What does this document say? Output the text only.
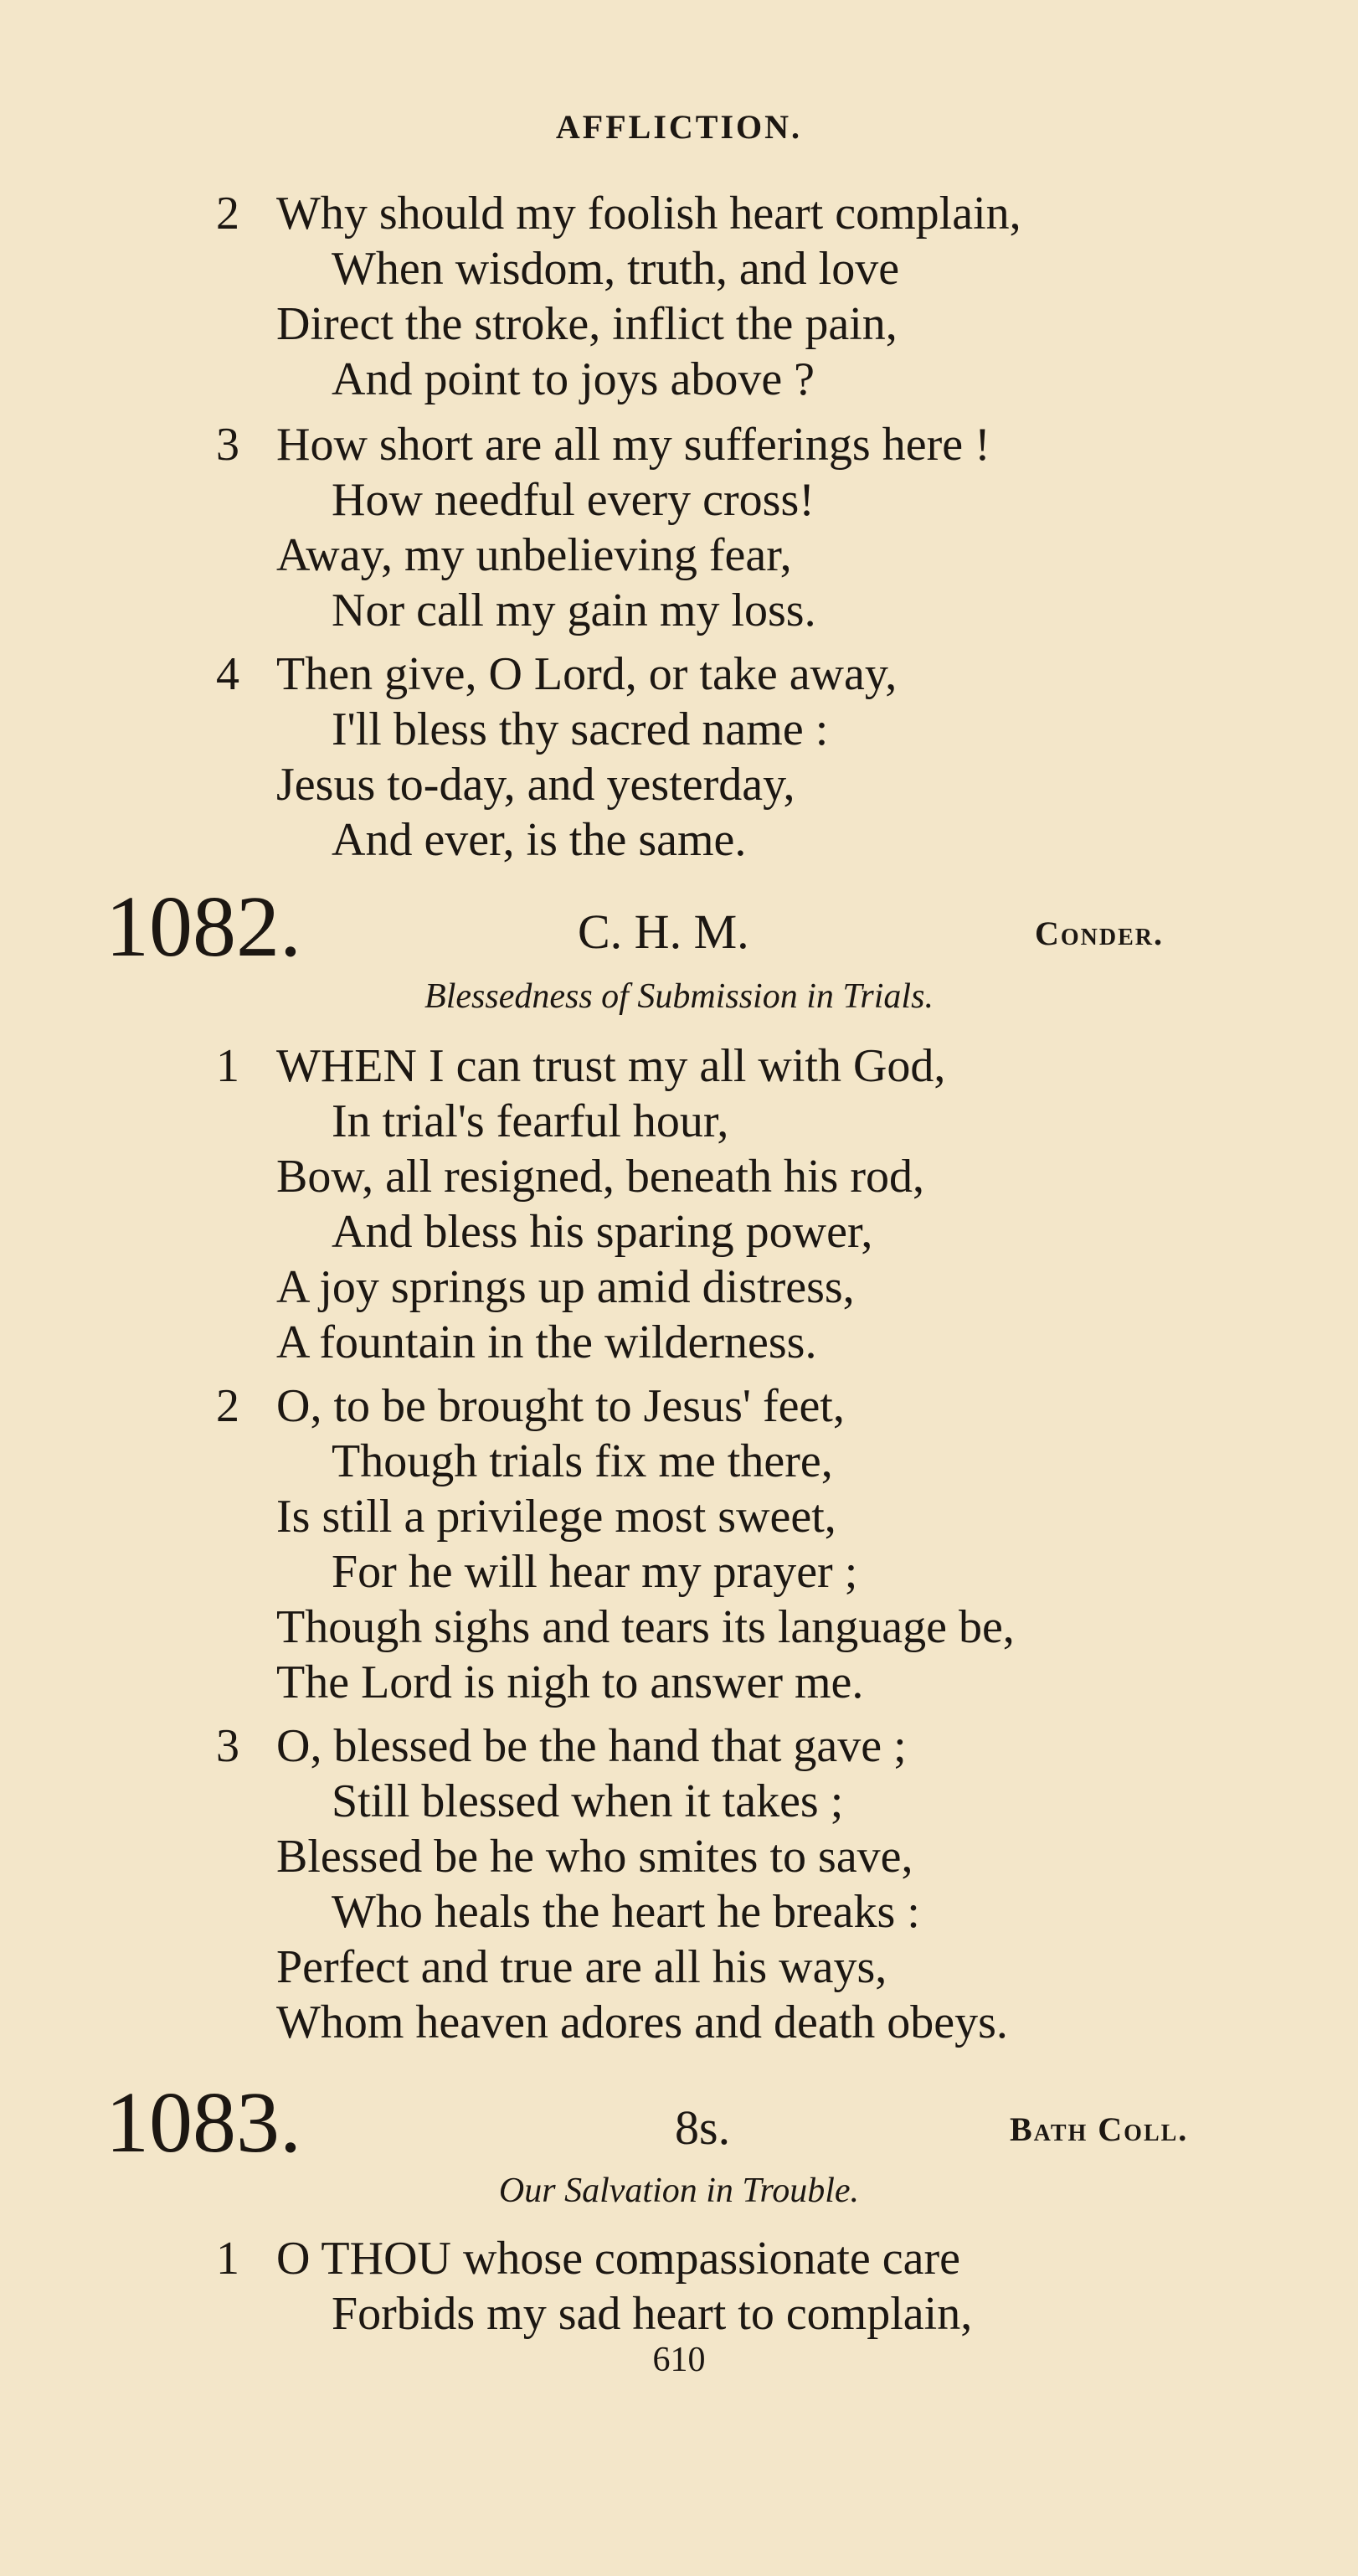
AFFLICTION.
2 Why should my foolish heart complain,
When wisdom, truth, and love
Direct the stroke, inflict the pain,
And point to joys above ?
3 How short are all my sufferings here !
How needful every cross!
Away, my unbelieving fear,
Nor call my gain my loss.
4 Then give, O Lord, or take away,
I'll bless thy sacred name :
Jesus to-day, and yesterday,
And ever, is the same.
1082.	C. H. M.	Conder.
Blessedness of Submission in Trials.
1 WHEN I can trust my all with God,
In trial's fearful hour,
Bow, all resigned, beneath his rod,
And bless his sparing power,
A joy springs up amid distress,
A fountain in the wilderness.
2 O, to be brought to Jesus' feet,
Though trials fix me there,
Is still a privilege most sweet,
For he will hear my prayer ;
Though sighs and tears its language be,
The Lord is nigh to answer me.
3 O, blessed be the hand that gave ;
Still blessed when it takes ;
Blessed be he who smites to save,
Who heals the heart he breaks :
Perfect and true are all his ways,
Whom heaven adores and death obeys.
1083.	8s.	Bath Coll.
Our Salvation in Trouble.
1 O THOU whose compassionate care
Forbids my sad heart to complain,
610
